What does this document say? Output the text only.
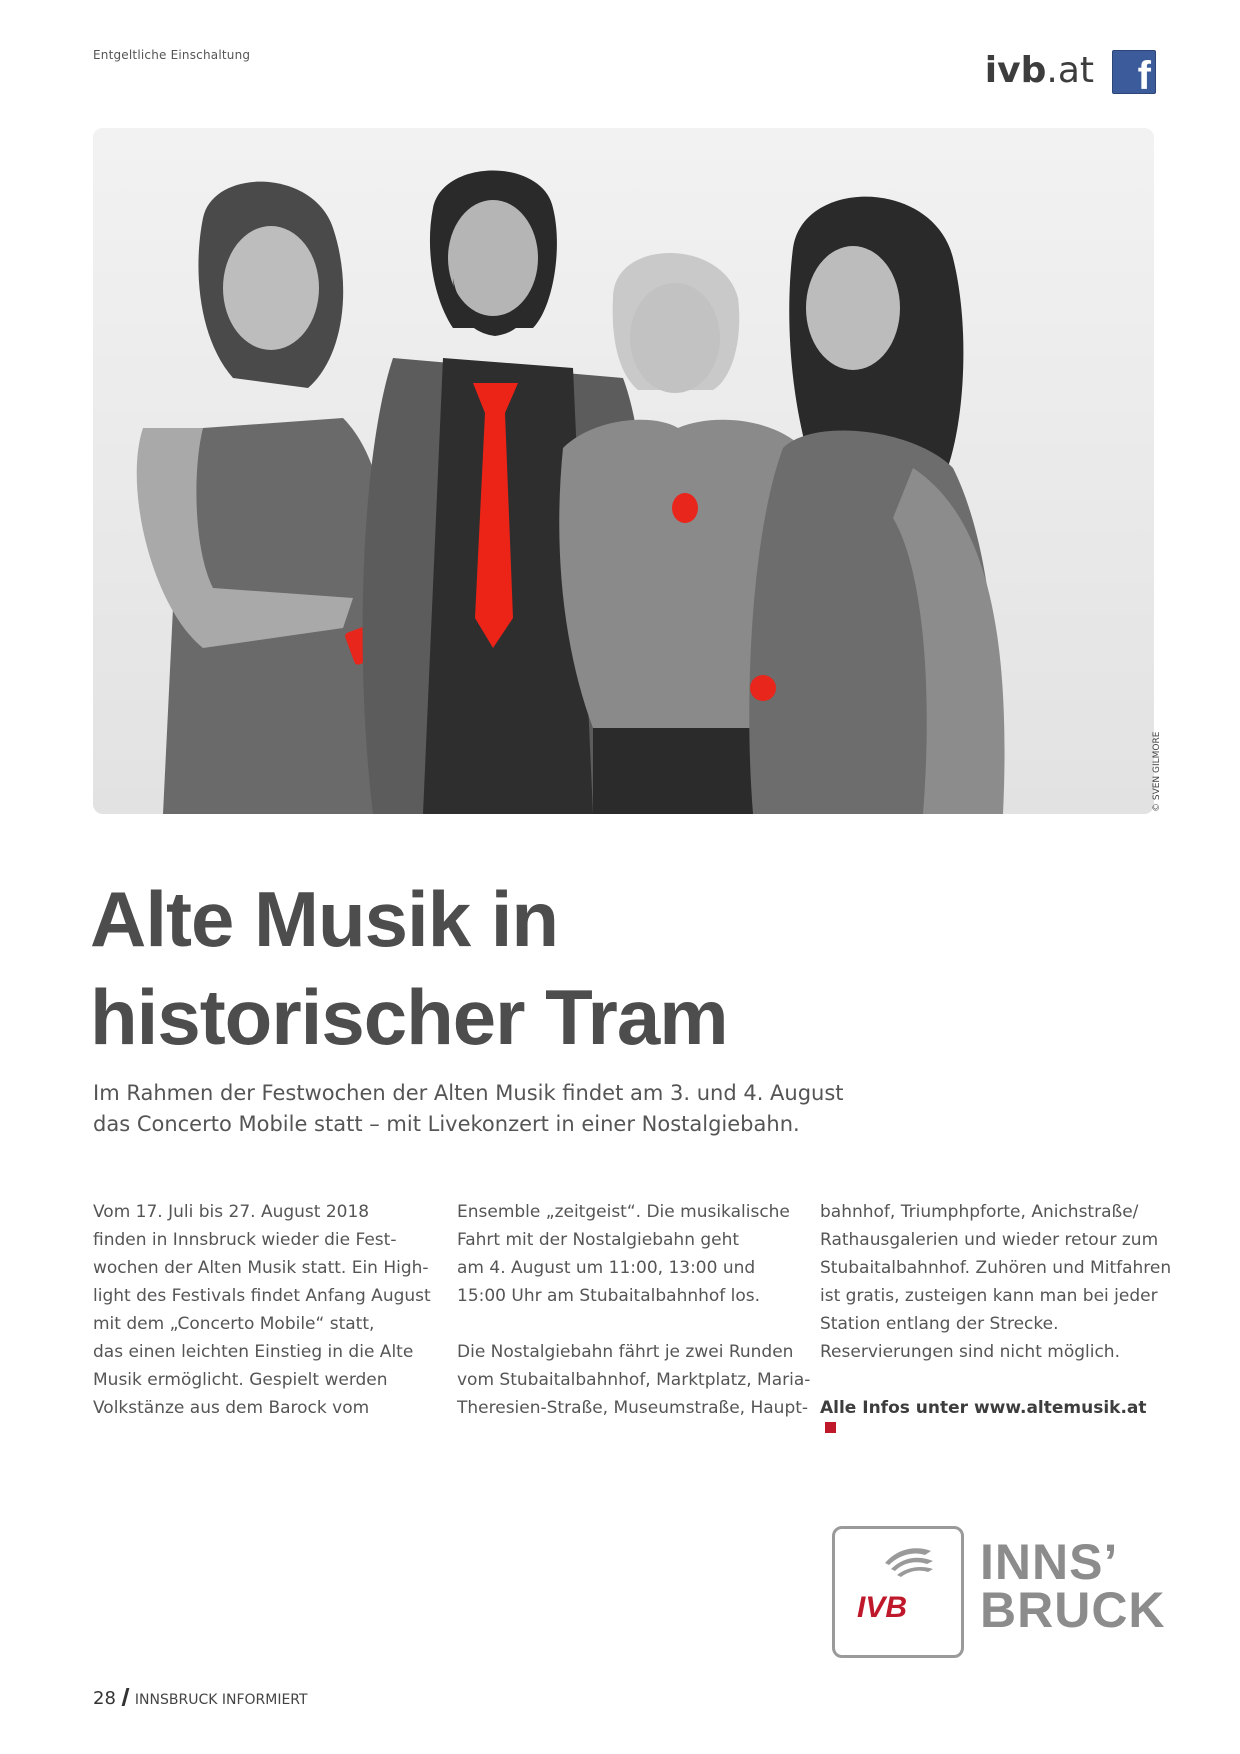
Entgeltliche Einschaltung	ivb.at f
© SVEN GILMORE
Alte Musik in
historischer Tram
Im Rahmen der Festwochen der Alten Musik findet am 3. und 4. August
das Concerto Mobile statt – mit Livekonzert in einer Nostalgiebahn.
Vom 17. Juli bis 27. August 2018
finden in Innsbruck wieder die Fest-
wochen der Alten Musik statt. Ein High-
light des Festivals findet Anfang August
mit dem „Concerto Mobile“ statt,
das einen leichten Einstieg in die Alte
Musik ermöglicht. Gespielt werden
Volkstänze aus dem Barock vom
Ensemble „zeitgeist“. Die musikalische
Fahrt mit der Nostalgiebahn geht
am 4. August um 11:00, 13:00 und
15:00 Uhr am Stubaitalbahnhof los.
Die Nostalgiebahn fährt je zwei Runden
vom Stubaitalbahnhof, Marktplatz, Maria-
Theresien-Straße, Museumstraße, Haupt-
bahnhof, Triumphpforte, Anichstraße/
Rathausgalerien und wieder retour zum
Stubaitalbahnhof. Zuhören und Mitfahren
ist gratis, zusteigen kann man bei jeder
Station entlang der Strecke.
Reservierungen sind nicht möglich.
Alle Infos unter www.altemusik.at
IVB
INNS’
BRUCK
28 INNSBRUCK INFORMIERT
